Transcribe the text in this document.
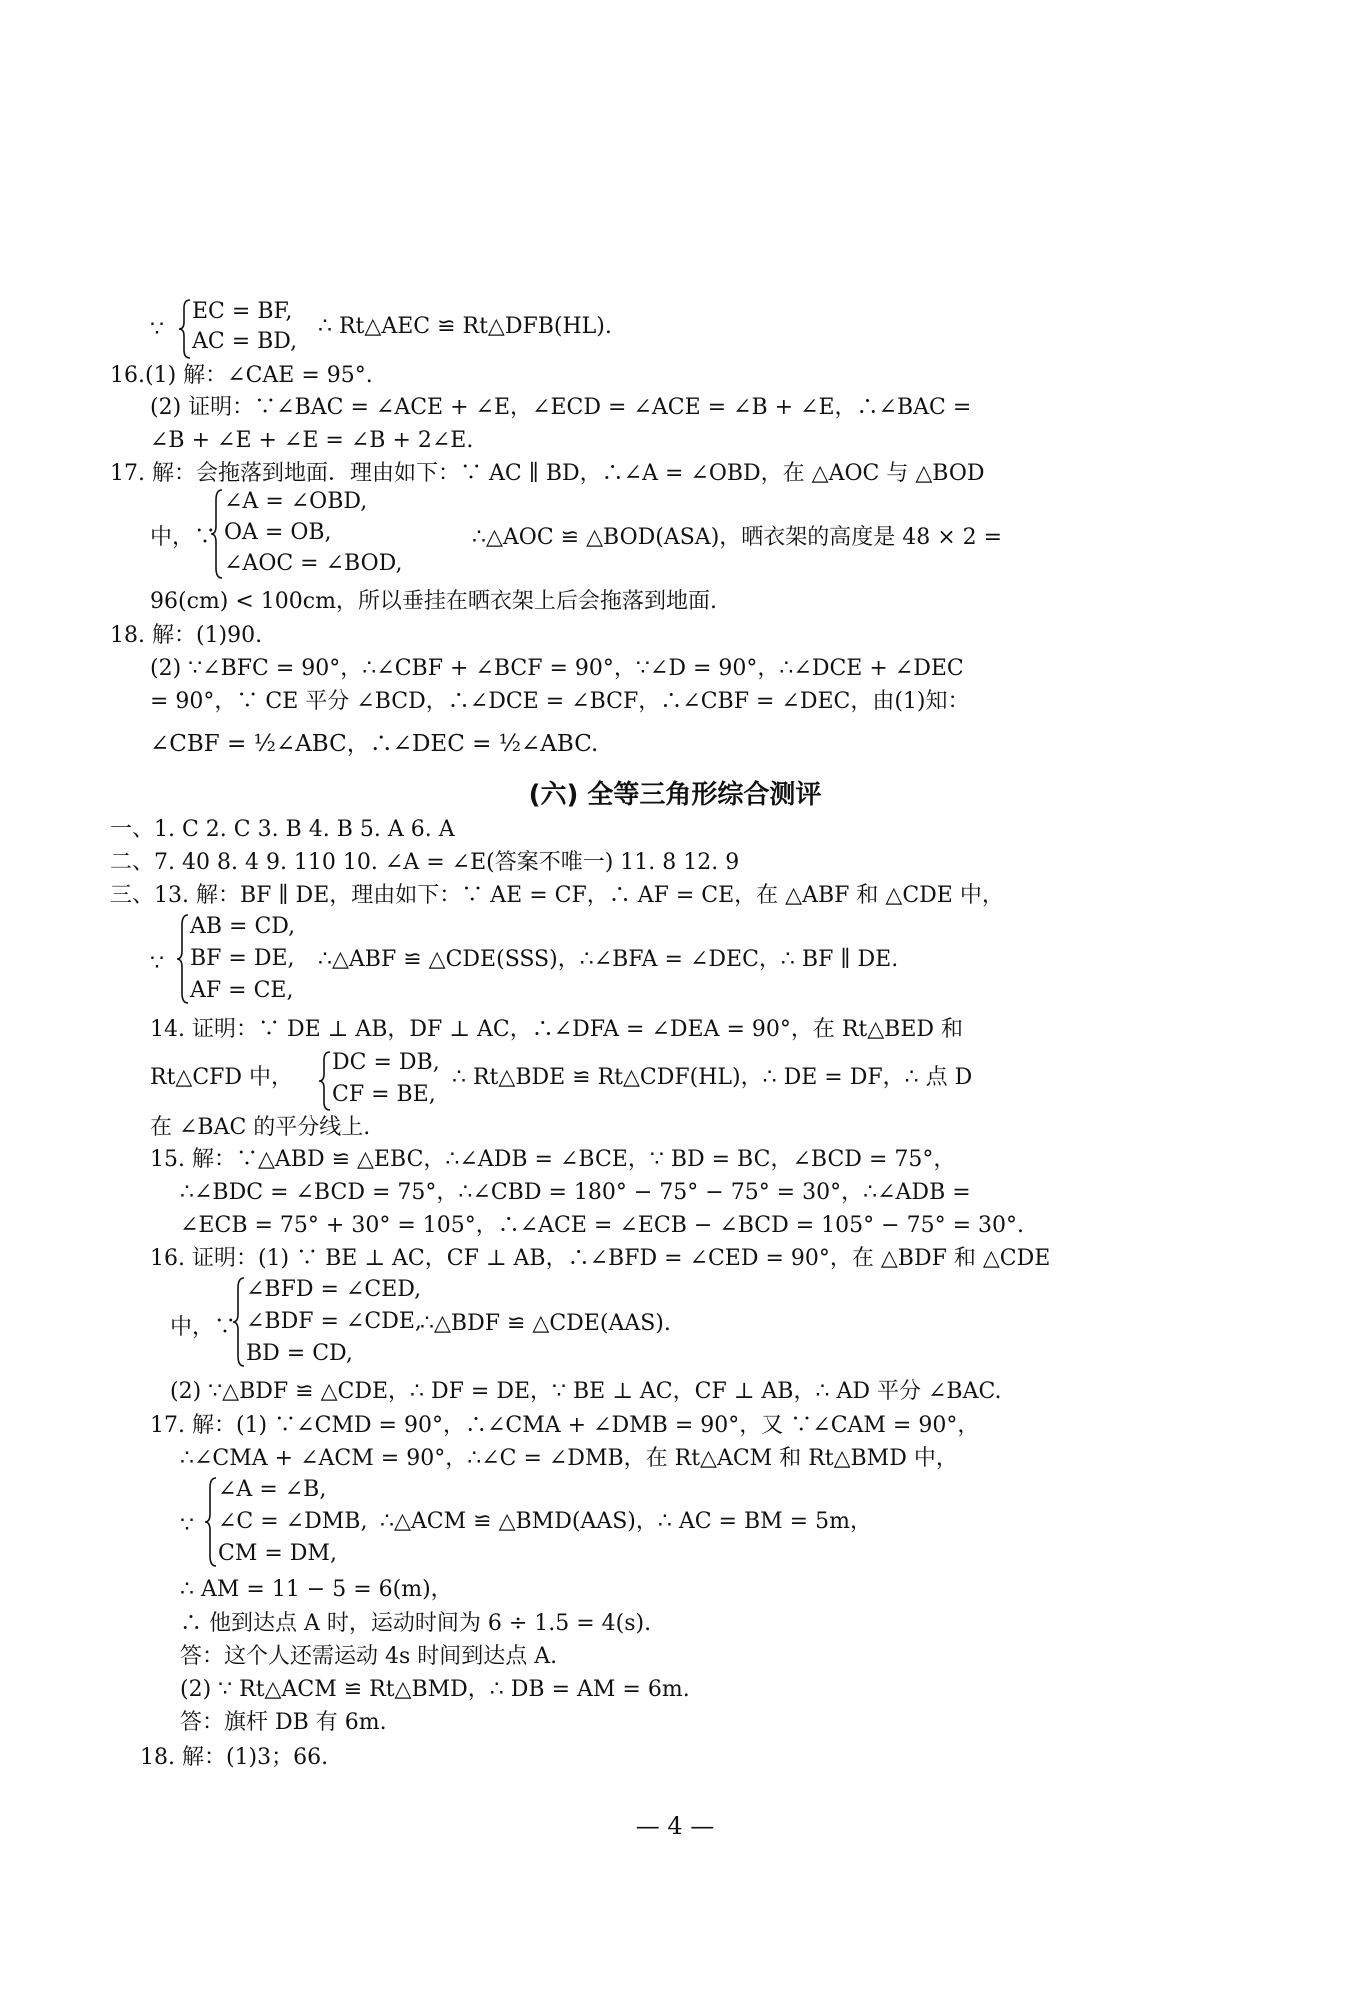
∵
EC = BF,
AC = BD,
∴ Rt△AEC ≌ Rt△DFB(HL).
16.(1) 解：∠CAE = 95°.
(2) 证明：∵∠BAC = ∠ACE + ∠E，∠ECD = ∠ACE = ∠B + ∠E，∴∠BAC =
∠B + ∠E + ∠E = ∠B + 2∠E.
17. 解：会拖落到地面．理由如下：∵ AC ∥ BD，∴∠A = ∠OBD，在 △AOC 与 △BOD
中，∵
∠A = ∠OBD,
OA = OB,
∠AOC = ∠BOD,
∴△AOC ≌ △BOD(ASA)，晒衣架的高度是 48 × 2 =
96(cm) < 100cm，所以垂挂在晒衣架上后会拖落到地面.
18. 解：(1)90.
(2) ∵∠BFC = 90°，∴∠CBF + ∠BCF = 90°，∵∠D = 90°，∴∠DCE + ∠DEC
= 90°，∵ CE 平分 ∠BCD，∴∠DCE = ∠BCF，∴∠CBF = ∠DEC，由(1)知：
∠CBF = ½∠ABC，∴∠DEC = ½∠ABC.
(六) 全等三角形综合测评
一、1. C 2. C 3. B 4. B 5. A 6. A
二、7. 40 8. 4 9. 110 10. ∠A = ∠E(答案不唯一) 11. 8 12. 9
三、13. 解：BF ∥ DE，理由如下：∵ AE = CF，∴ AF = CE，在 △ABF 和 △CDE 中，
∵
AB = CD,
BF = DE,
AF = CE,
∴△ABF ≌ △CDE(SSS)，∴∠BFA = ∠DEC，∴ BF ∥ DE.
14. 证明：∵ DE ⊥ AB，DF ⊥ AC，∴∠DFA = ∠DEA = 90°，在 Rt△BED 和
Rt△CFD 中，
DC = DB,
CF = BE,
∴ Rt△BDE ≌ Rt△CDF(HL)，∴ DE = DF，∴ 点 D
在 ∠BAC 的平分线上.
15. 解：∵△ABD ≌ △EBC，∴∠ADB = ∠BCE，∵ BD = BC，∠BCD = 75°，
∴∠BDC = ∠BCD = 75°，∴∠CBD = 180° − 75° − 75° = 30°，∴∠ADB =
∠ECB = 75° + 30° = 105°，∴∠ACE = ∠ECB − ∠BCD = 105° − 75° = 30°.
16. 证明：(1) ∵ BE ⊥ AC，CF ⊥ AB，∴∠BFD = ∠CED = 90°，在 △BDF 和 △CDE
中，∵
∠BFD = ∠CED,
∠BDF = ∠CDE,
BD = CD,
∴△BDF ≌ △CDE(AAS).
(2) ∵△BDF ≌ △CDE，∴ DF = DE，∵ BE ⊥ AC，CF ⊥ AB，∴ AD 平分 ∠BAC.
17. 解：(1) ∵∠CMD = 90°，∴∠CMA + ∠DMB = 90°，又 ∵∠CAM = 90°，
∴∠CMA + ∠ACM = 90°，∴∠C = ∠DMB，在 Rt△ACM 和 Rt△BMD 中，
∵
∠A = ∠B,
∠C = ∠DMB,
CM = DM,
∴△ACM ≌ △BMD(AAS)，∴ AC = BM = 5m，
∴ AM = 11 − 5 = 6(m)，
∴ 他到达点 A 时，运动时间为 6 ÷ 1.5 = 4(s).
答：这个人还需运动 4s 时间到达点 A.
(2) ∵ Rt△ACM ≌ Rt△BMD，∴ DB = AM = 6m.
答：旗杆 DB 有 6m.
18. 解：(1)3；66.
— 4 —
